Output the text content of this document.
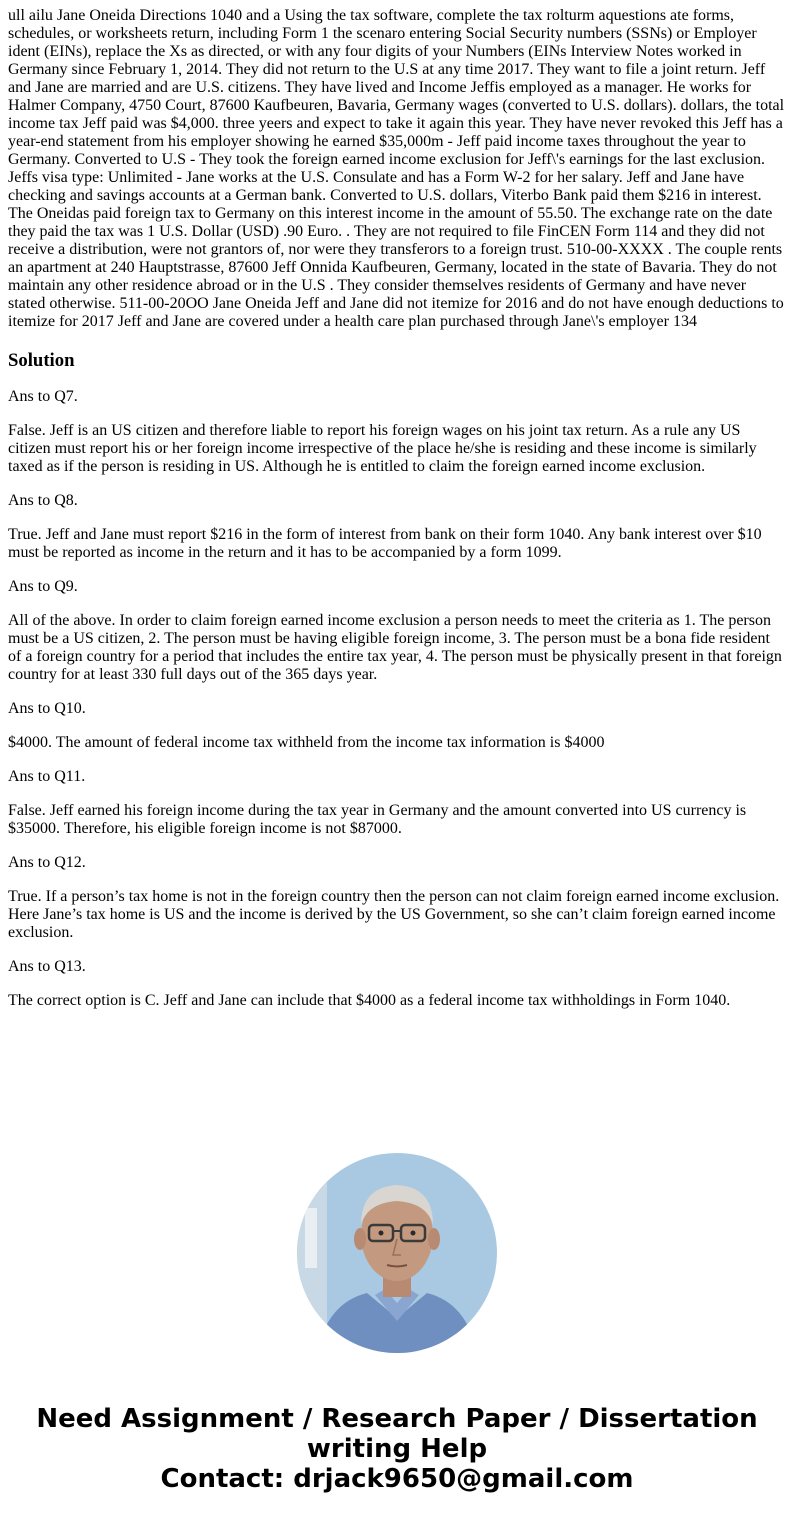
ull ailu Jane Oneida Directions 1040 and a Using the tax software, complete the tax rolturm aquestions ate forms, schedules, or worksheets return, including Form 1 the scenaro entering Social Security numbers (SSNs) or Employer ident (EINs), replace the Xs as directed, or with any four digits of your Numbers (EINs Interview Notes worked in Germany since February 1, 2014. They did not return to the U.S at any time 2017. They want to file a joint return. Jeff and Jane are married and are U.S. citizens. They have lived and Income Jeffis employed as a manager. He works for Halmer Company, 4750 Court, 87600 Kaufbeuren, Bavaria, Germany wages (converted to U.S. dollars). dollars, the total income tax Jeff paid was $4,000. three yeers and expect to take it again this year. They have never revoked this Jeff has a year-end statement from his employer showing he earned $35,000m - Jeff paid income taxes throughout the year to Germany. Converted to U.S - They took the foreign earned income exclusion for Jeff\'s earnings for the last exclusion. Jeffs visa type: Unlimited - Jane works at the U.S. Consulate and has a Form W-2 for her salary. Jeff and Jane have checking and savings accounts at a German bank. Converted to U.S. dollars, Viterbo Bank paid them $216 in interest. The Oneidas paid foreign tax to Germany on this interest income in the amount of 55.50. The exchange rate on the date they paid the tax was 1 U.S. Dollar (USD) .90 Euro. . They are not required to file FinCEN Form 114 and they did not receive a distribution, were not grantors of, nor were they transferors to a foreign trust. 510-00-XXXX . The couple rents an apartment at 240 Hauptstrasse, 87600 Jeff Onnida Kaufbeuren, Germany, located in the state of Bavaria. They do not maintain any other residence abroad or in the U.S . They consider themselves residents of Germany and have never stated otherwise. 511-00-20OO Jane Oneida Jeff and Jane did not itemize for 2016 and do not have enough deductions to itemize for 2017 Jeff and Jane are covered under a health care plan purchased through Jane\'s employer 134

Solution

Ans to Q7.

False. Jeff is an US citizen and therefore liable to report his foreign wages on his joint tax return. As a rule any US citizen must report his or her foreign income irrespective of the place he/she is residing and these income is similarly taxed as if the person is residing in US. Although he is entitled to claim the foreign earned income exclusion.

Ans to Q8.

True. Jeff and Jane must report $216 in the form of interest from bank on their form 1040. Any bank interest over $10 must be reported as income in the return and it has to be accompanied by a form 1099.

Ans to Q9.

All of the above. In order to claim foreign earned income exclusion a person needs to meet the criteria as 1. The person must be a US citizen, 2. The person must be having eligible foreign income, 3. The person must be a bona fide resident of a foreign country for a period that includes the entire tax year, 4. The person must be physically present in that foreign country for at least 330 full days out of the 365 days year.

Ans to Q10.

$4000. The amount of federal income tax withheld from the income tax information is $4000

Ans to Q11.

False. Jeff earned his foreign income during the tax year in Germany and the amount converted into US currency is $35000. Therefore, his eligible foreign income is not $87000.

Ans to Q12.

True. If a person’s tax home is not in the foreign country then the person can not claim foreign earned income exclusion. Here Jane’s tax home is US and the income is derived by the US Government, so she can’t claim foreign earned income exclusion.

Ans to Q13.

The correct option is C. Jeff and Jane can include that $4000 as a federal income tax withholdings in Form 1040.

Need Assignment / Research Paper / Dissertation
writing Help
Contact: drjack9650@gmail.com
